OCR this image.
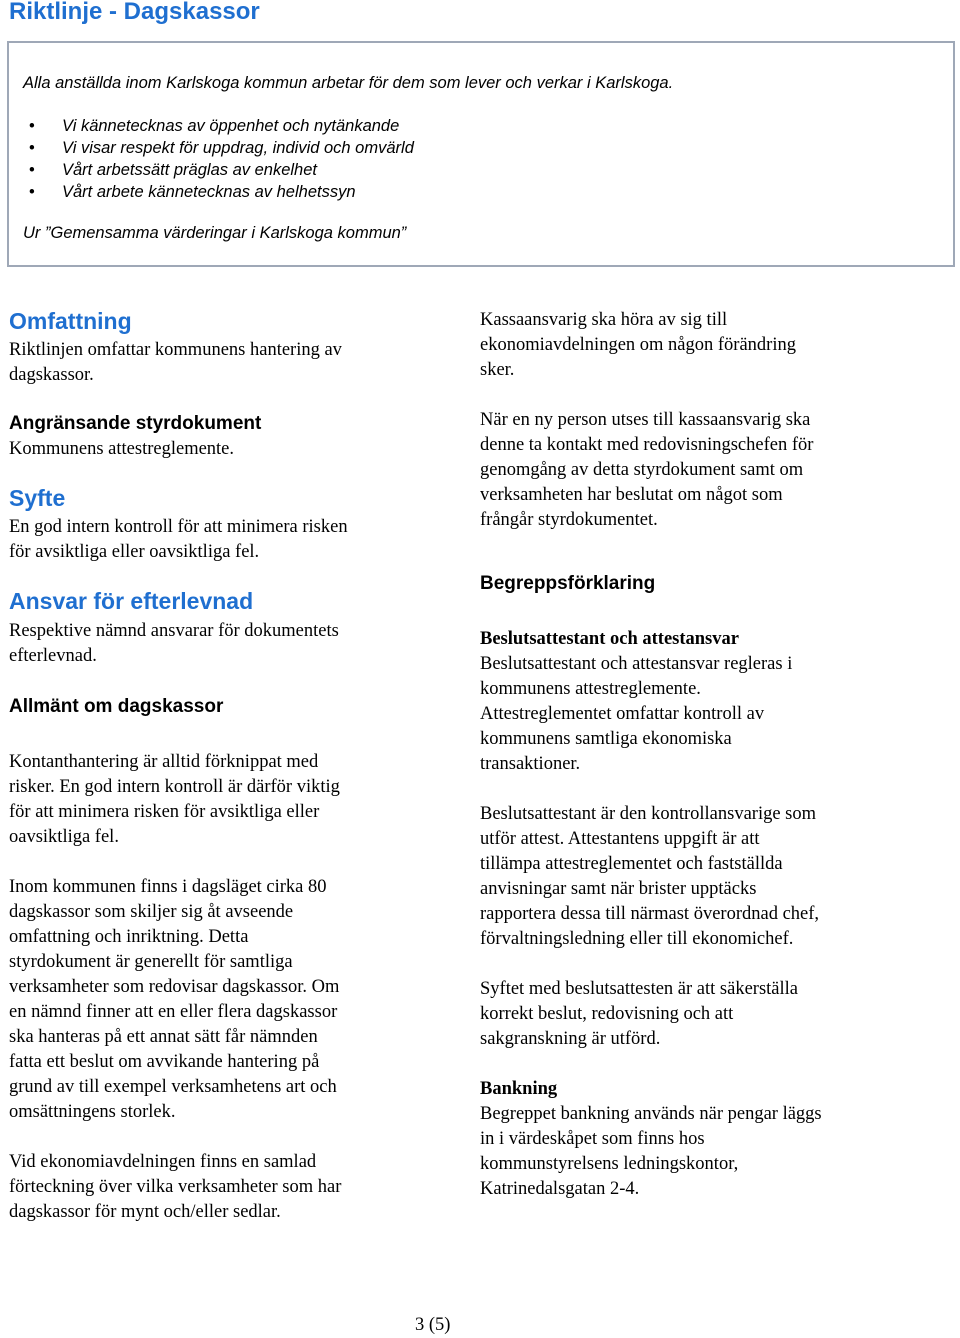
Riktlinje - Dagskassor

Alla anställda inom Karlskoga kommun arbetar för dem som lever och verkar i Karlskoga.

• Vi kännetecknas av öppenhet och nytänkande
• Vi visar respekt för uppdrag, individ och omvärld
• Vårt arbetssätt präglas av enkelhet
• Vårt arbete kännetecknas av helhetssyn

Ur ”Gemensamma värderingar i Karlskoga kommun”

Omfattning

Riktlinjen omfattar kommunens hantering av
dagskassor.

Angränsande styrdokument

Kommunens attestreglemente.

Syfte

En god intern kontroll för att minimera risken
för avsiktliga eller oavsiktliga fel.

Ansvar för efterlevnad

Respektive nämnd ansvarar för dokumentets
efterlevnad.

Allmänt om dagskassor

Kontanthantering är alltid förknippat med
risker. En god intern kontroll är därför viktig
för att minimera risken för avsiktliga eller
oavsiktliga fel.

Inom kommunen finns i dagsläget cirka 80
dagskassor som skiljer sig åt avseende
omfattning och inriktning. Detta
styrdokument är generellt för samtliga
verksamheter som redovisar dagskassor. Om
en nämnd finner att en eller flera dagskassor
ska hanteras på ett annat sätt får nämnden
fatta ett beslut om avvikande hantering på
grund av till exempel verksamhetens art och
omsättningens storlek.

Vid ekonomiavdelningen finns en samlad
förteckning över vilka verksamheter som har
dagskassor för mynt och/eller sedlar.

Kassaansvarig ska höra av sig till
ekonomiavdelningen om någon förändring
sker.

När en ny person utses till kassaansvarig ska
denne ta kontakt med redovisningschefen för
genomgång av detta styrdokument samt om
verksamheten har beslutat om något som
frångår styrdokumentet.

Begreppsförklaring

Beslutsattestant och attestansvar
Beslutsattestant och attestansvar regleras i
kommunens attestreglemente.
Attestreglementet omfattar kontroll av
kommunens samtliga ekonomiska
transaktioner.

Beslutsattestant är den kontrollansvarige som
utför attest. Attestantens uppgift är att
tillämpa attestreglementet och fastställda
anvisningar samt när brister upptäcks
rapportera dessa till närmast överordnad chef,
förvaltningsledning eller till ekonomichef.

Syftet med beslutsattesten är att säkerställa
korrekt beslut, redovisning och att
sakgranskning är utförd.

Bankning
Begreppet bankning används när pengar läggs
in i värdeskåpet som finns hos
kommunstyrelsens ledningskontor,
Katrinedalsgatan 2-4.

3 (5)
